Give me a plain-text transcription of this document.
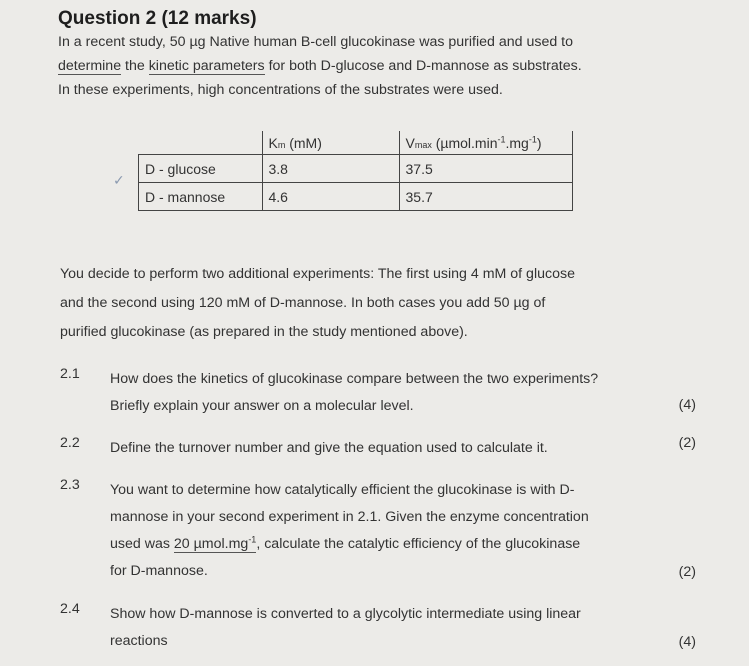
Question 2 (12 marks)
In a recent study, 50 µg Native human B-cell glucokinase was purified and used to
determine the kinetic parameters for both D-glucose and D-mannose as substrates.
In these experiments, high concentrations of the substrates were used.
✓
	Km (mM)	Vmax $(\mu mol.\min^{-1}.mg^{-1})$
D - glucose	3.8	37.5
D - mannose	4.6	35.7
You decide to perform two additional experiments: The first using 4 mM of glucose
and the second using 120 mM of D-mannose. In both cases you add 50 µg of
purified glucokinase (as prepared in the study mentioned above).
2.1 How does the kinetics of glucokinase compare between the two experiments?
Briefly explain your answer on a molecular level.	(4)
2.2 Define the turnover number and give the equation used to calculate it.	(2)
2.3 You want to determine how catalytically efficient the glucokinase is with D-
mannose in your second experiment in 2.1. Given the enzyme concentration
used was 20 $\mu mol.mg^{-1}$, calculate the catalytic efficiency of the glucokinase
for D-mannose.	(2)
2.4 Show how D-mannose is converted to a glycolytic intermediate using linear
reactions	(4)
